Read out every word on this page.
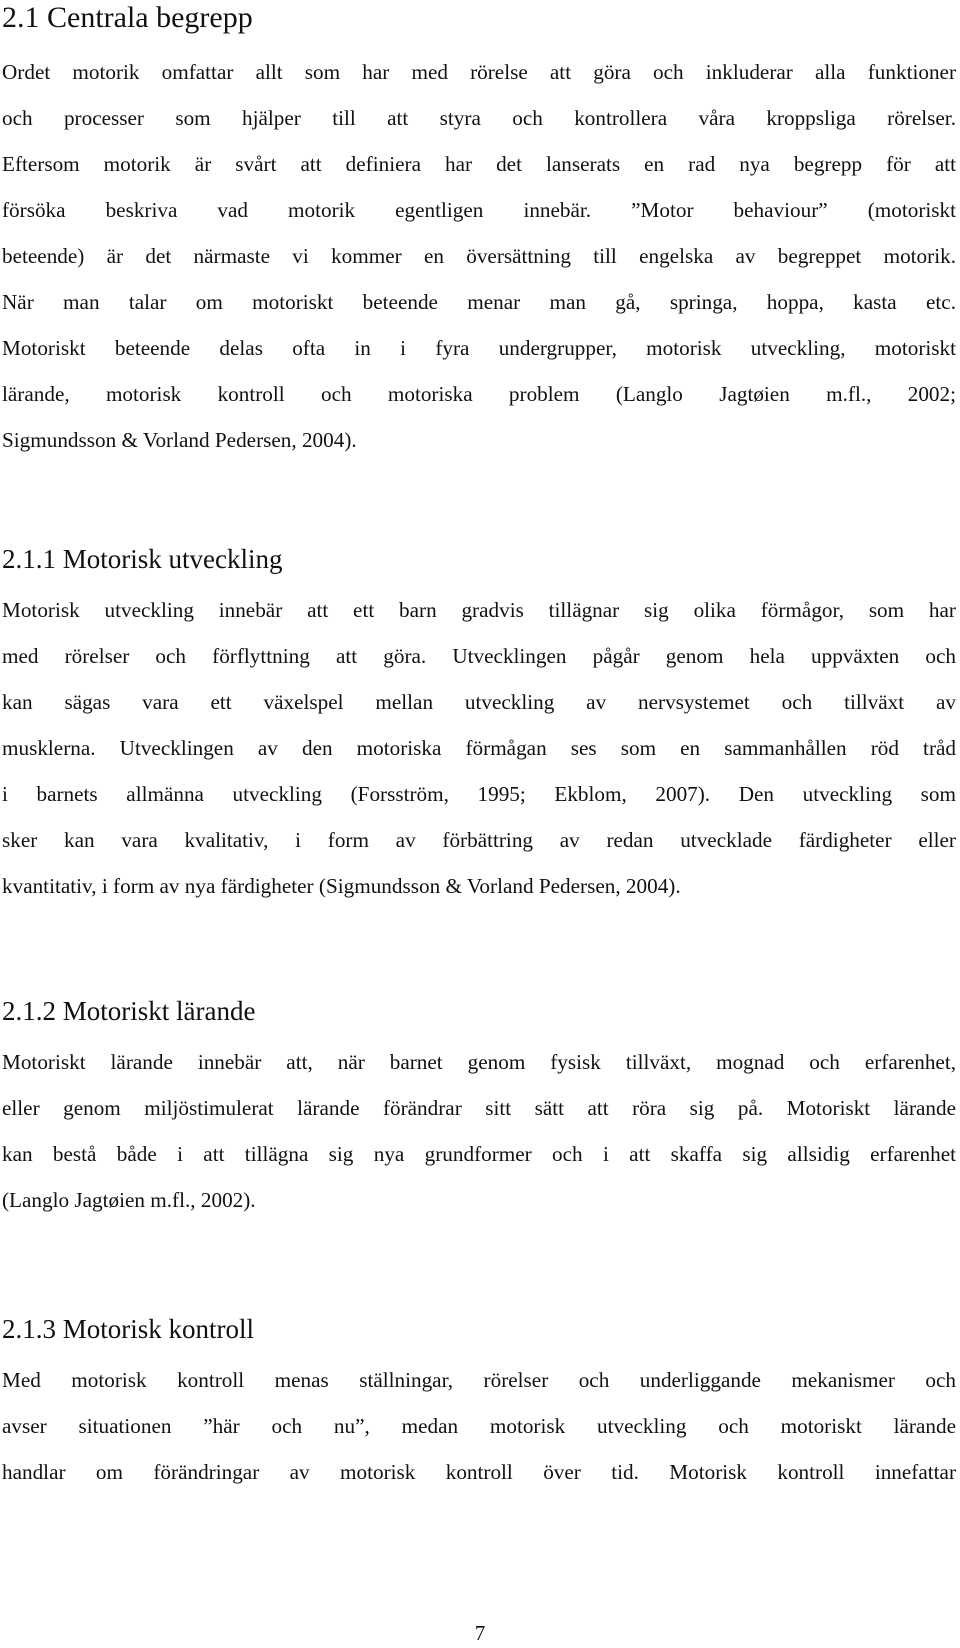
2.1 Centrala begrepp
Ordet motorik omfattar allt som har med rörelse att göra och inkluderar alla funktioner
och processer som hjälper till att styra och kontrollera våra kroppsliga rörelser.
Eftersom motorik är svårt att definiera har det lanserats en rad nya begrepp för att
försöka beskriva vad motorik egentligen innebär. ”Motor behaviour” (motoriskt
beteende) är det närmaste vi kommer en översättning till engelska av begreppet motorik.
När man talar om motoriskt beteende menar man gå, springa, hoppa, kasta etc.
Motoriskt beteende delas ofta in i fyra undergrupper, motorisk utveckling, motoriskt
lärande, motorisk kontroll och motoriska problem (Langlo Jagtøien m.fl., 2002;
Sigmundsson & Vorland Pedersen, 2004).
2.1.1 Motorisk utveckling
Motorisk utveckling innebär att ett barn gradvis tillägnar sig olika förmågor, som har
med rörelser och förflyttning att göra. Utvecklingen pågår genom hela uppväxten och
kan sägas vara ett växelspel mellan utveckling av nervsystemet och tillväxt av
musklerna. Utvecklingen av den motoriska förmågan ses som en sammanhållen röd tråd
i barnets allmänna utveckling (Forsström, 1995; Ekblom, 2007). Den utveckling som
sker kan vara kvalitativ, i form av förbättring av redan utvecklade färdigheter eller
kvantitativ, i form av nya färdigheter (Sigmundsson & Vorland Pedersen, 2004).
2.1.2 Motoriskt lärande
Motoriskt lärande innebär att, när barnet genom fysisk tillväxt, mognad och erfarenhet,
eller genom miljöstimulerat lärande förändrar sitt sätt att röra sig på. Motoriskt lärande
kan bestå både i att tillägna sig nya grundformer och i att skaffa sig allsidig erfarenhet
(Langlo Jagtøien m.fl., 2002).
2.1.3 Motorisk kontroll
Med motorisk kontroll menas ställningar, rörelser och underliggande mekanismer och
avser situationen ”här och nu”, medan motorisk utveckling och motoriskt lärande
handlar om förändringar av motorisk kontroll över tid. Motorisk kontroll innefattar
7
